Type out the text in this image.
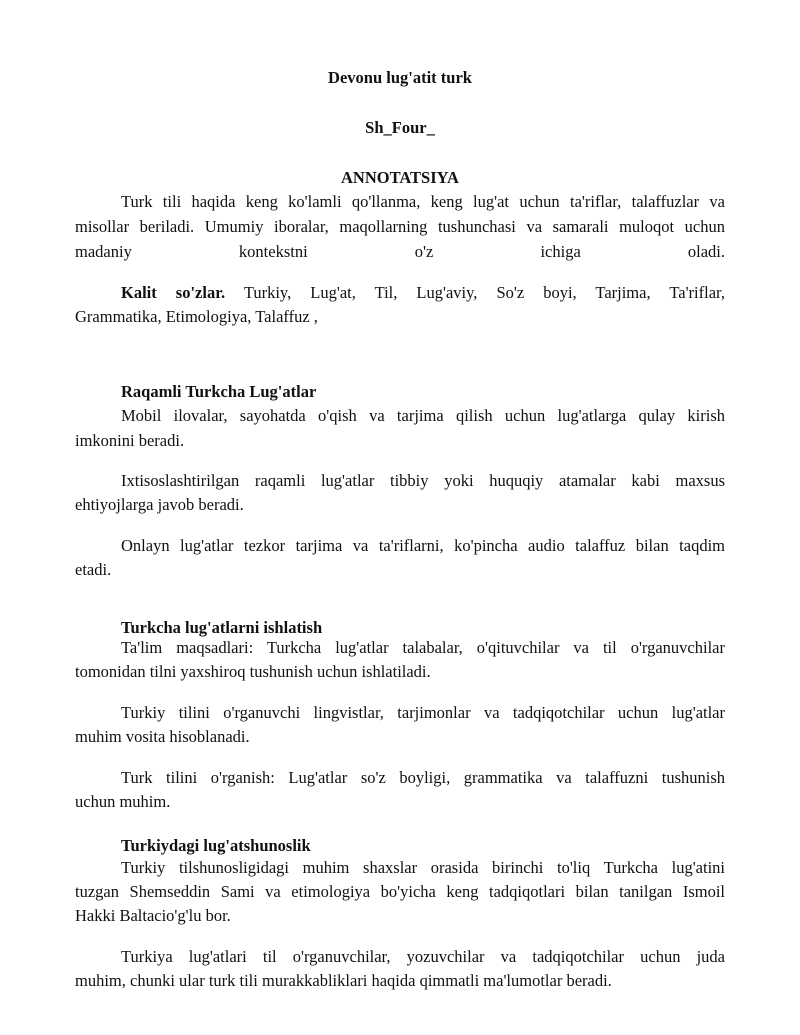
Devonu lug'atit turk
Sh_Four_
ANNOTATSIYA
Turk tili haqida keng ko'lamli qo'llanma, keng lug'at uchun ta'riflar, talaffuzlar va
misollar beriladi. Umumiy iboralar, maqollarning tushunchasi va samarali muloqot uchun
madaniy kontekstni o'z ichiga oladi.
Kalit so'zlar. Turkiy, Lug'at, Til, Lug'aviy, So'z boyi, Tarjima, Ta'riflar,
Grammatika, Etimologiya, Talaffuz ,
Raqamli Turkcha Lug'atlar
Mobil ilovalar, sayohatda o'qish va tarjima qilish uchun lug'atlarga qulay kirish
imkonini beradi.
Ixtisoslashtirilgan raqamli lug'atlar tibbiy yoki huquqiy atamalar kabi maxsus
ehtiyojlarga javob beradi.
Onlayn lug'atlar tezkor tarjima va ta'riflarni, ko'pincha audio talaffuz bilan taqdim
etadi.
Turkcha lug'atlarni ishlatish
Ta'lim maqsadlari: Turkcha lug'atlar talabalar, o'qituvchilar va til o'rganuvchilar
tomonidan tilni yaxshiroq tushunish uchun ishlatiladi.
Turkiy tilini o'rganuvchi lingvistlar, tarjimonlar va tadqiqotchilar uchun lug'atlar
muhim vosita hisoblanadi.
Turk tilini o'rganish: Lug'atlar so'z boyligi, grammatika va talaffuzni tushunish
uchun muhim.
Turkiydagi lug'atshunoslik
Turkiy tilshunosligidagi muhim shaxslar orasida birinchi to'liq Turkcha lug'atini
tuzgan Shemseddin Sami va etimologiya bo'yicha keng tadqiqotlari bilan tanilgan Ismoil
Hakki Baltacio'g'lu bor.
Turkiya lug'atlari til o'rganuvchilar, yozuvchilar va tadqiqotchilar uchun juda
muhim, chunki ular turk tili murakkabliklari haqida qimmatli ma'lumotlar beradi.
